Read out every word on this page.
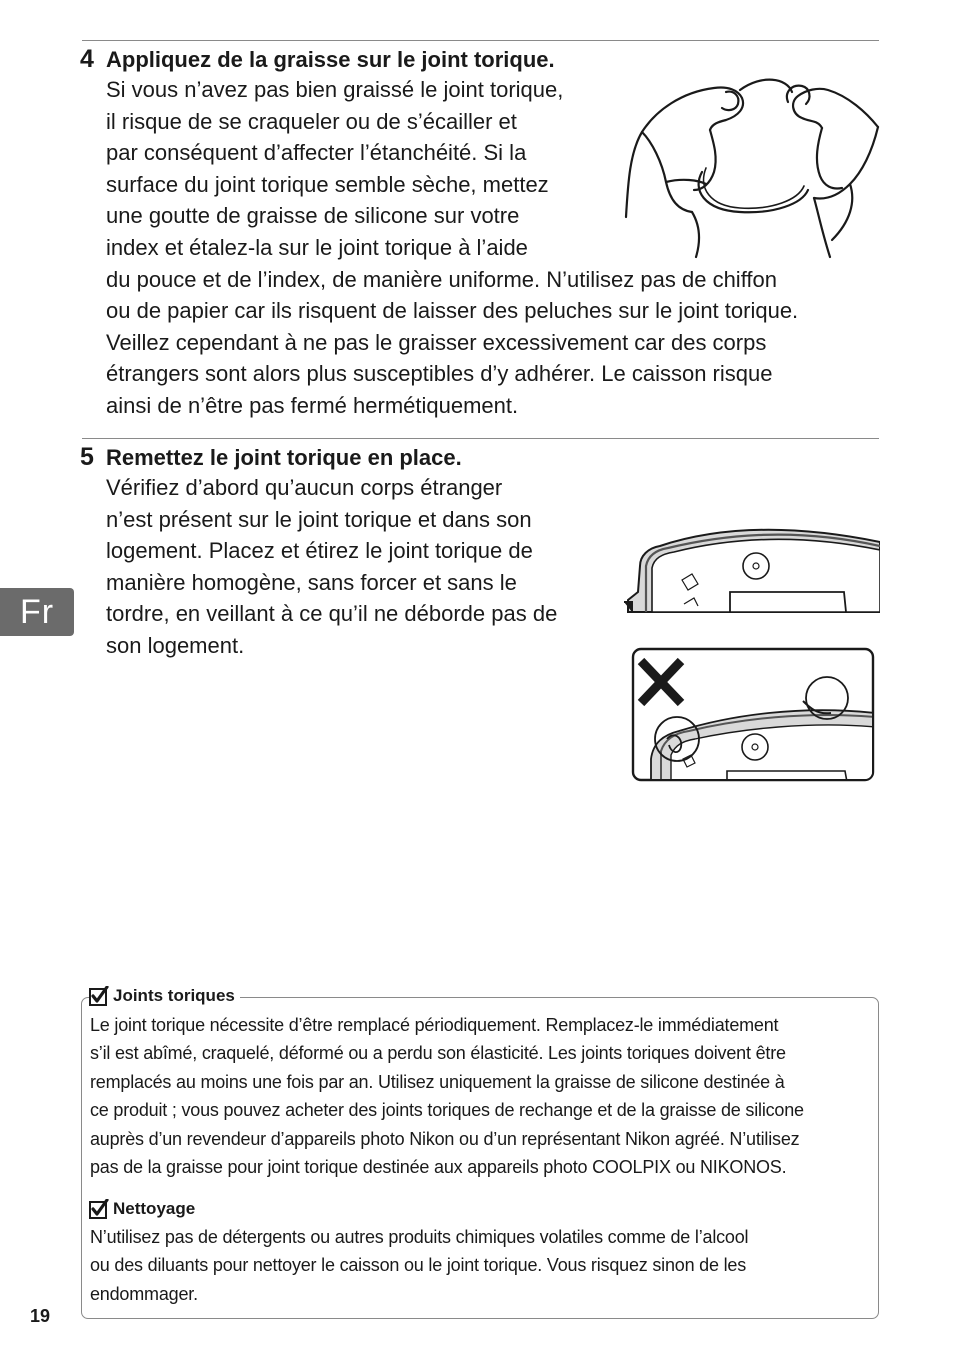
4 Appliquez de la graisse sur le joint torique.
Si vous n’avez pas bien graissé le joint torique,
il risque de se craqueler ou de s’écailler et
par conséquent d’affecter l’étanchéité. Si la
surface du joint torique semble sèche, mettez
une goutte de graisse de silicone sur votre
index et étalez-la sur le joint torique à l’aide
du pouce et de l’index, de manière uniforme. N’utilisez pas de chiffon
ou de papier car ils risquent de laisser des peluches sur le joint torique.
Veillez cependant à ne pas le graisser excessivement car des corps
étrangers sont alors plus susceptibles d’y adhérer. Le caisson risque
ainsi de n’être pas fermé hermétiquement.
5 Remettez le joint torique en place.
Vérifiez d’abord qu’aucun corps étranger
n’est présent sur le joint torique et dans son
logement. Placez et étirez le joint torique de
manière homogène, sans forcer et sans le
tordre, en veillant à ce qu’il ne déborde pas de
son logement.
Fr
Joints toriques
Le joint torique nécessite d’être remplacé périodiquement. Remplacez-le immédiatement
s’il est abîmé, craquelé, déformé ou a perdu son élasticité. Les joints toriques doivent être
remplacés au moins une fois par an. Utilisez uniquement la graisse de silicone destinée à
ce produit ; vous pouvez acheter des joints toriques de rechange et de la graisse de silicone
auprès d’un revendeur d’appareils photo Nikon ou d’un représentant Nikon agréé. N’utilisez
pas de la graisse pour joint torique destinée aux appareils photo COOLPIX ou NIKONOS.
Nettoyage
N’utilisez pas de détergents ou autres produits chimiques volatiles comme de l’alcool
ou des diluants pour nettoyer le caisson ou le joint torique. Vous risquez sinon de les
endommager.
19
